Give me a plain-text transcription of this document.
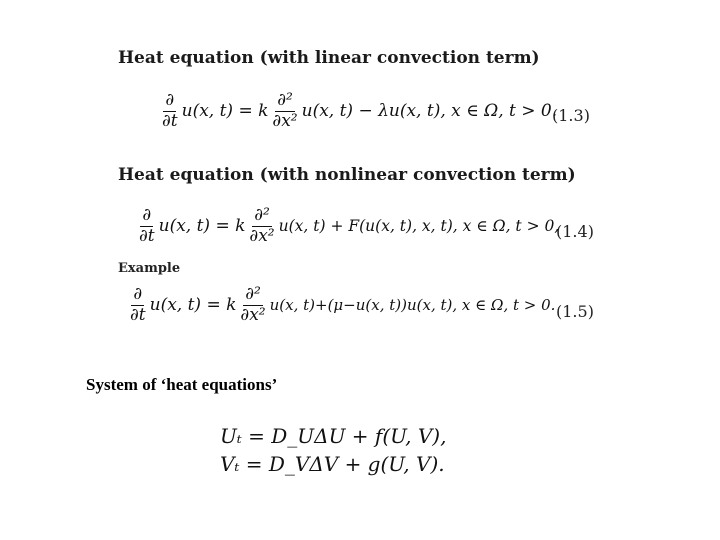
Heat equation (with linear convection term)
$\frac{\partial}{\partial t} u(x$, t) = k $\frac{\text{∂²}}{\text{∂x²}} u(x$, t) − λu(x, t), x ∈ Ω, t > 0.
(1.3)
Heat equation (with nonlinear convection term)
$\frac{\partial}{\partial t} u(x$, t) = k $\frac{\text{∂²}}{\text{∂x²}} u(x$, t) + F(u(x, t), x, t), x ∈ Ω, t > 0,
(1.4)
Example
$\frac{\partial}{\partial t} u(x$, t) = k $\frac{\text{∂²}}{\text{∂x²}} u(x$, t)+(μ−u(x, t))u(x, t), x ∈ Ω, t > 0. (1.5)
System of ‘heat equations’
Uₜ = D_UΔU + f(U, V),
Vₜ = D_VΔV + g(U, V).
